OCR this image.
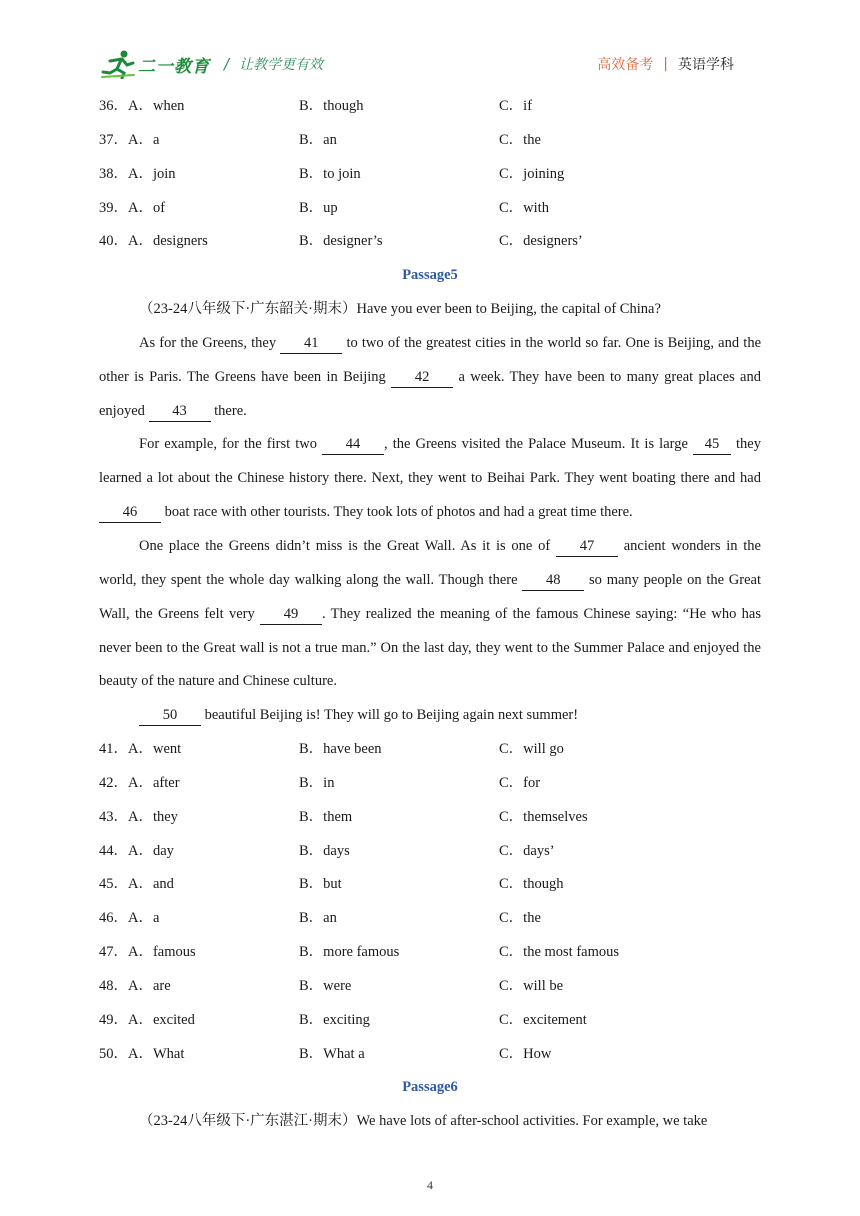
二一教育 / 让教学更有效	高效备考 | 英语学科
36．A．when	B．though	C．if
37．A．a	B．an	C．the
38．A．join	B．to join	C．joining
39．A．of	B．up	C．with
40．A．designers	B．designer’s	C．designers’
Passage5

（23-24八年级下·广东韶关·期末）Have you ever been to Beijing, the capital of China?

As for the Greens, they 41 to two of the greatest cities in the world so far. One is Beijing, and the other is Paris. The Greens have been in Beijing 42 a week. They have been to many great places and enjoyed 43 there.

For example, for the first two 44 , the Greens visited the Palace Museum. It is large 45 they learned a lot about the Chinese history there. Next, they went to Beihai Park. They went boating there and had 46 boat race with other tourists. They took lots of photos and had a great time there.

One place the Greens didn’t miss is the Great Wall. As it is one of 47 ancient wonders in the world, they spent the whole day walking along the wall. Though there 48 so many people on the Great Wall, the Greens felt very 49 . They realized the meaning of the famous Chinese saying: “He who has never been to the Great wall is not a true man.” On the last day, they went to the Summer Palace and enjoyed the beauty of the nature and Chinese culture.

50 beautiful Beijing is! They will go to Beijing again next summer!

41．A．went	B．have been	C．will go
42．A．after	B．in	C．for
43．A．they	B．them	C．themselves
44．A．day	B．days	C．days’
45．A．and	B．but	C．though
46．A．a	B．an	C．the
47．A．famous	B．more famous	C．the most famous
48．A．are	B．were	C．will be
49．A．excited	B．exciting	C．excitement
50．A．What	B．What a	C．How
Passage6

（23-24八年级下·广东湛江·期末）We have lots of after-school activities. For example, we take

4
